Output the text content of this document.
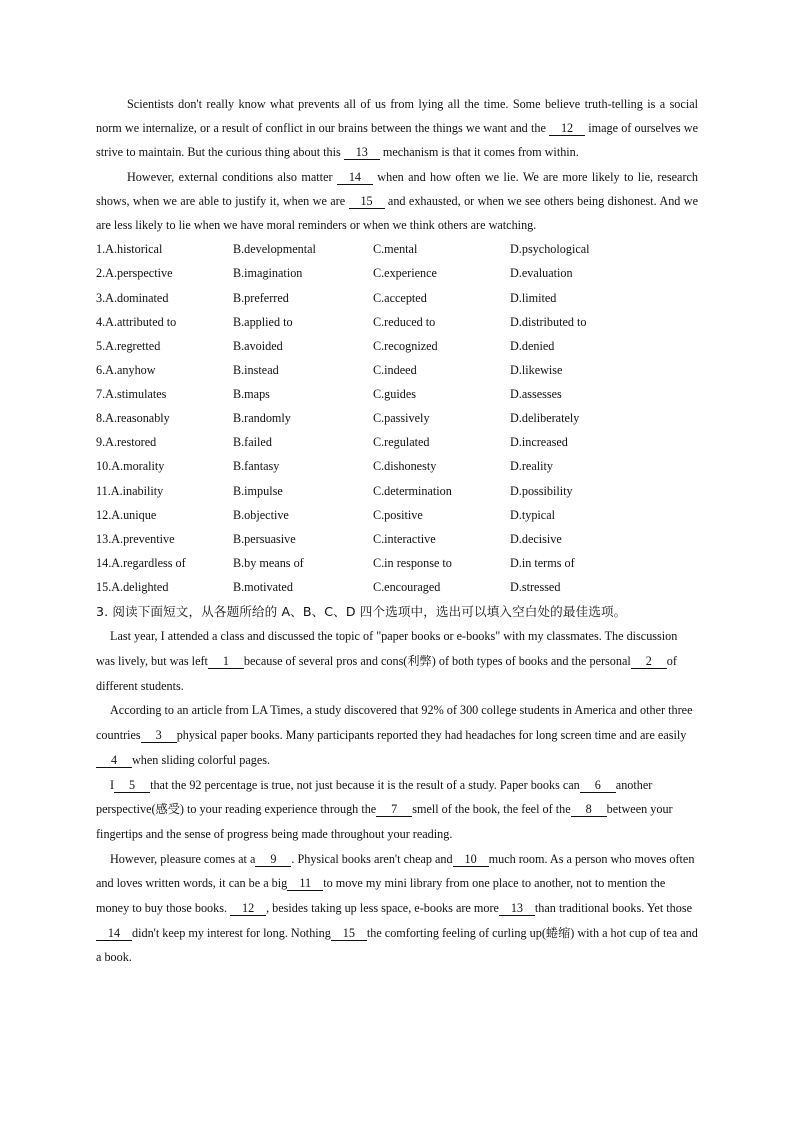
Scientists don't really know what prevents all of us from lying all the time. Some believe truth-telling is a social norm we internalize, or a result of conflict in our brains between the things we want and the 12 image of ourselves we strive to maintain. But the curious thing about this 13 mechanism is that it comes from within.

However, external conditions also matter 14 when and how often we lie. We are more likely to lie, research shows, when we are able to justify it, when we are 15 and exhausted, or when we see others being dishonest. And we are less likely to lie when we have moral reminders or when we think others are watching.

1.A.historical	B.developmental	C.mental	D.psychological
2.A.perspective	B.imagination	C.experience	D.evaluation
3.A.dominated	B.preferred	C.accepted	D.limited
4.A.attributed to	B.applied to	C.reduced to	D.distributed to
5.A.regretted	B.avoided	C.recognized	D.denied
6.A.anyhow	B.instead	C.indeed	D.likewise
7.A.stimulates	B.maps	C.guides	D.assesses
8.A.reasonably	B.randomly	C.passively	D.deliberately
9.A.restored	B.failed	C.regulated	D.increased
10.A.morality	B.fantasy	C.dishonesty	D.reality
11.A.inability	B.impulse	C.determination	D.possibility
12.A.unique	B.objective	C.positive	D.typical
13.A.preventive	B.persuasive	C.interactive	D.decisive
14.A.regardless of	B.by means of	C.in response to	D.in terms of
15.A.delighted	B.motivated	C.encouraged	D.stressed

3. 阅读下面短文，从各题所给的 A、B、C、D 四个选项中，选出可以填入空白处的最佳选项。

Last year, I attended a class and discussed the topic of "paper books or e-books" with my classmates. The discussion was lively, but was left 1 because of several pros and cons(利弊) of both types of books and the personal 2 of different students.

According to an article from LA Times, a study discovered that 92% of 300 college students in America and other three countries 3 physical paper books. Many participants reported they had headaches for long screen time and are easily4 when sliding colorful pages.

I 5 that the 92 percentage is true, not just because it is the result of a study. Paper books can 6 another perspective(感受) to your reading experience through the 7 smell of the book, the feel of the 8 between your fingertips and the sense of progress being made throughout your reading.

However, pleasure comes at a 9 . Physical books aren't cheap and 10 much room. As a person who moves often and loves written words, it can be a big 11 to move my mini library from one place to another, not to mention the money to buy those books. 12 , besides taking up less space, e-books are more 13 than traditional books. Yet those14 didn't keep my interest for long. Nothing 15 the comforting feeling of curling up(蜷缩) with a hot cup of tea and a book.
